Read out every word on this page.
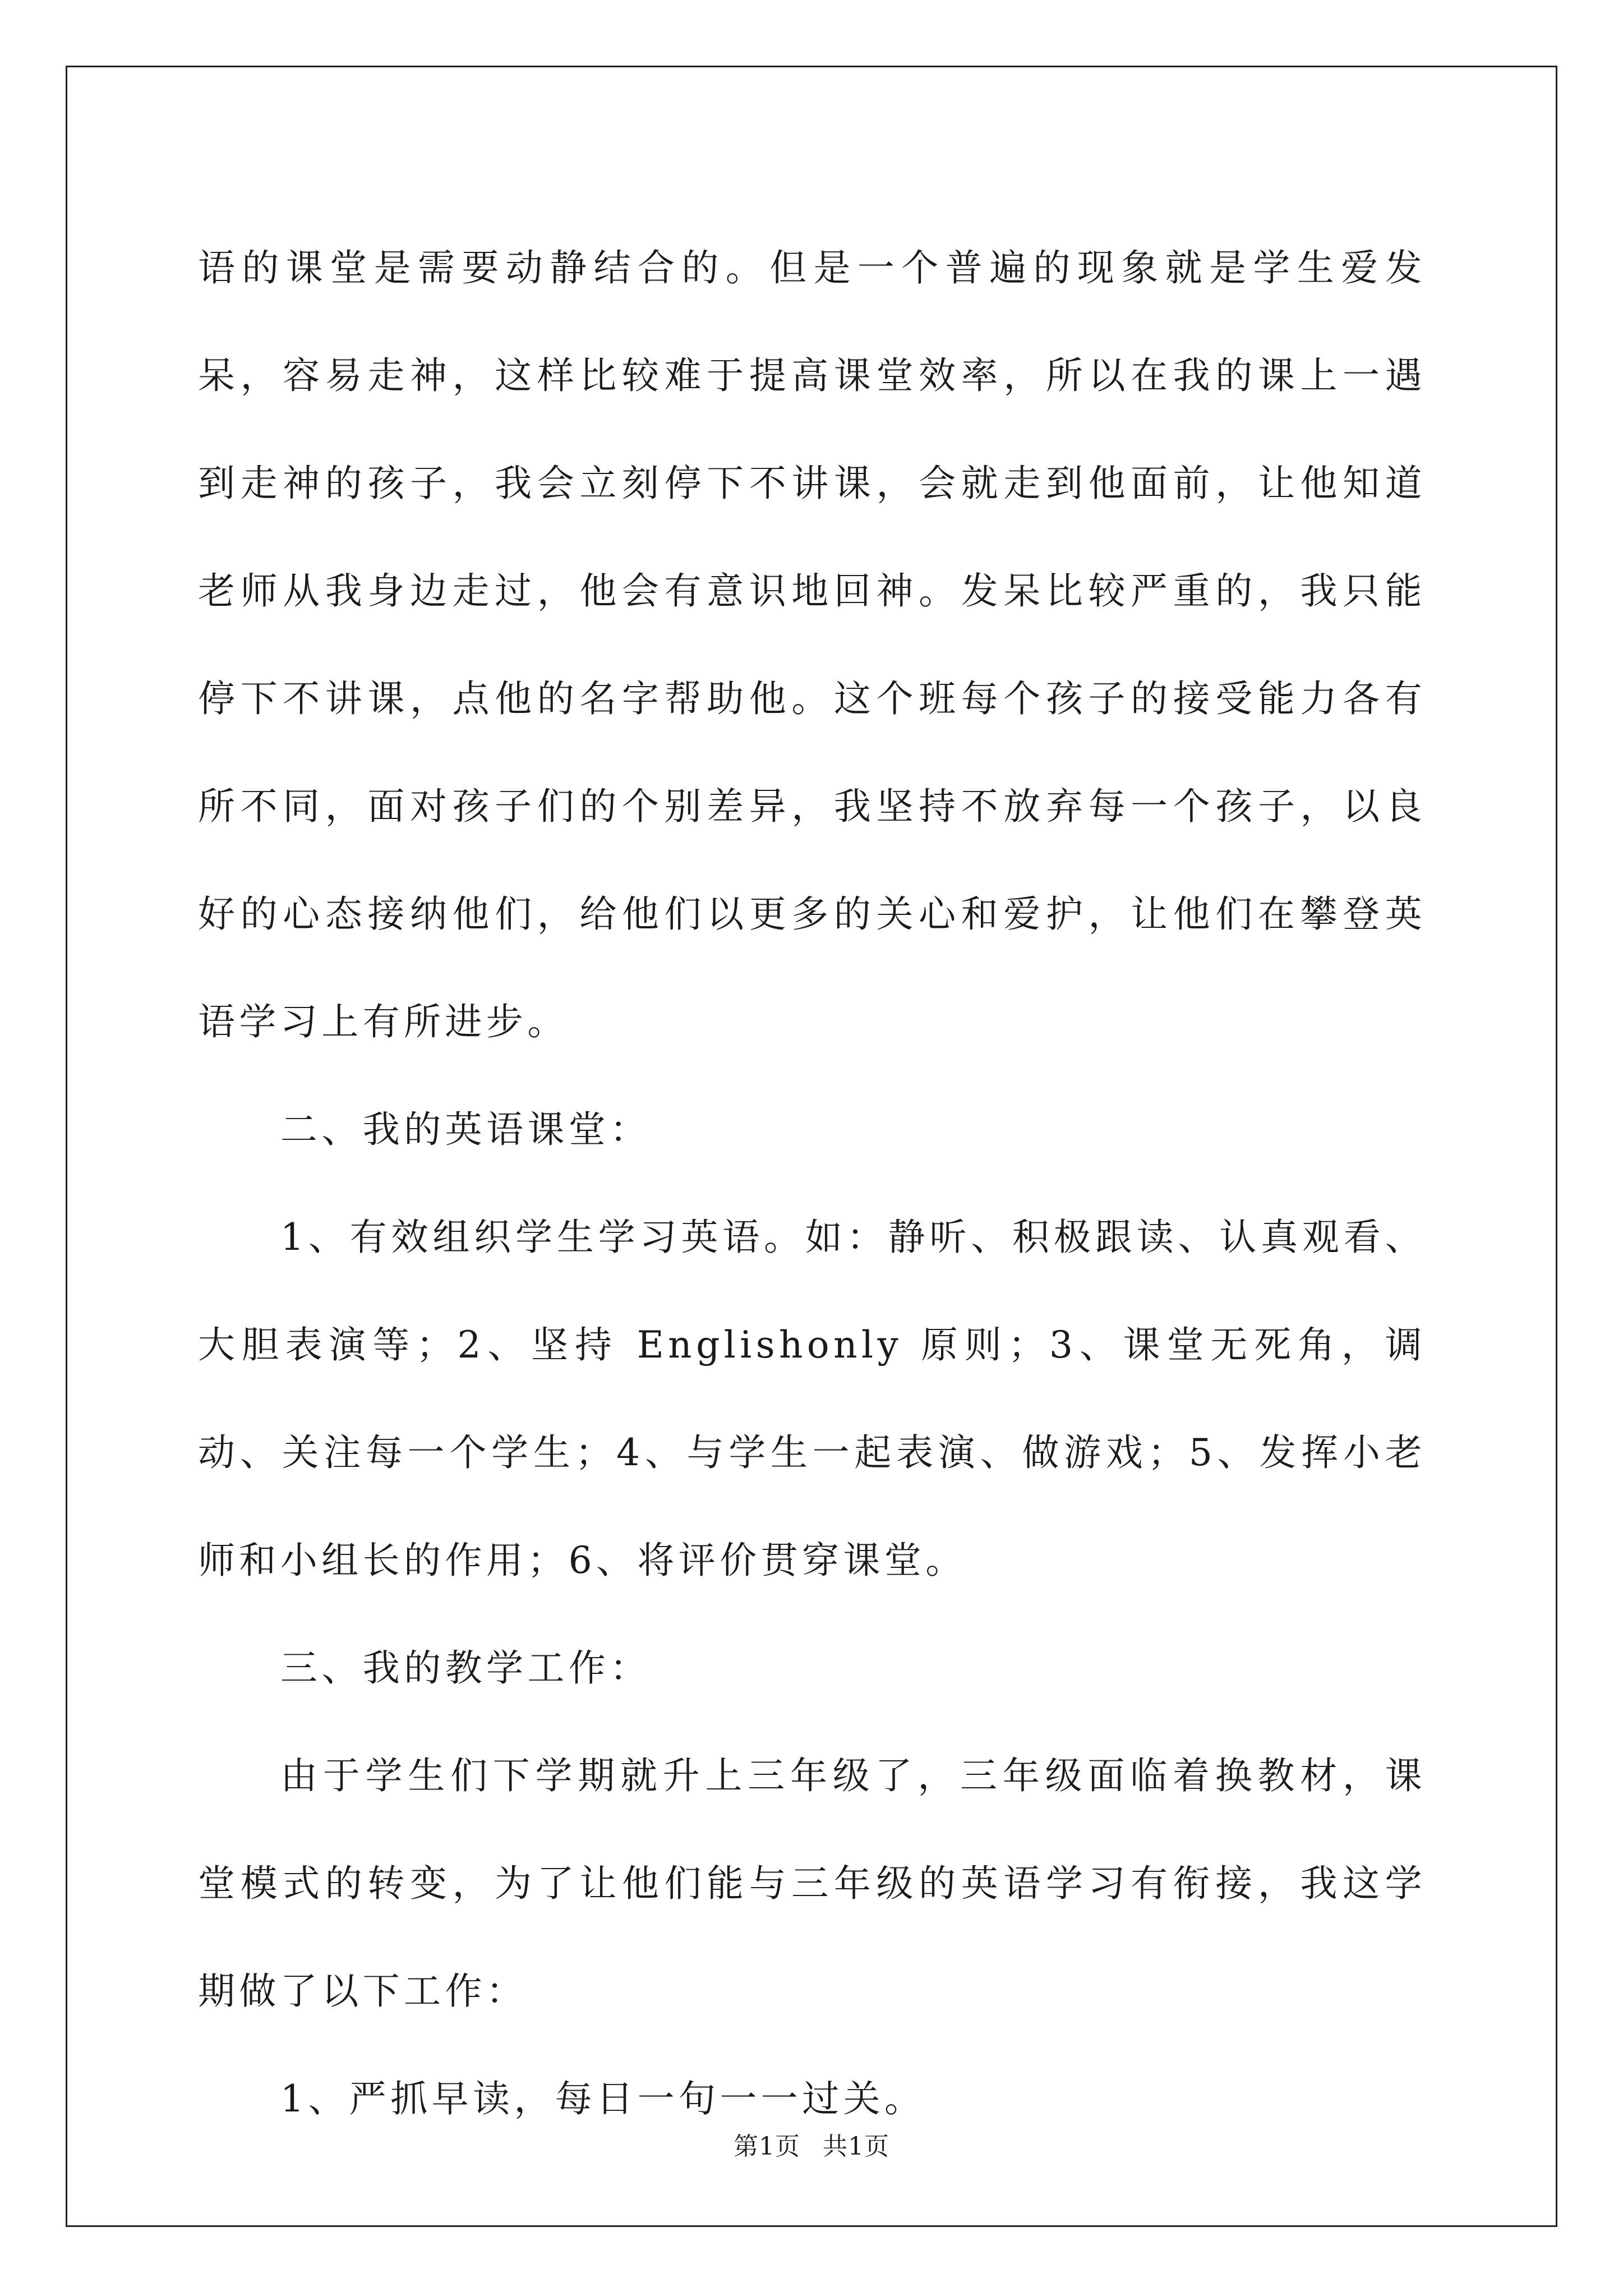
语的课堂是需要动静结合的。但是一个普遍的现象就是学生爱发呆，容易走神，这样比较难于提高课堂效率，所以在我的课上一遇到走神的孩子，我会立刻停下不讲课，会就走到他面前，让他知道老师从我身边走过，他会有意识地回神。发呆比较严重的，我只能停下不讲课，点他的名字帮助他。这个班每个孩子的接受能力各有所不同，面对孩子们的个别差异，我坚持不放弃每一个孩子，以良好的心态接纳他们，给他们以更多的关心和爱护，让他们在攀登英语学习上有所进步。

二、我的英语课堂：

1、有效组织学生学习英语。如：静听、积极跟读、认真观看、大胆表演等；2、坚持 Englishonly 原则；3、课堂无死角，调动、关注每一个学生；4、与学生一起表演、做游戏；5、发挥小老师和小组长的作用；6、将评价贯穿课堂。

三、我的教学工作：

由于学生们下学期就升上三年级了，三年级面临着换教材，课堂模式的转变，为了让他们能与三年级的英语学习有衔接，我这学期做了以下工作：

1、严抓早读，每日一句一一过关。

第1页 共1页
